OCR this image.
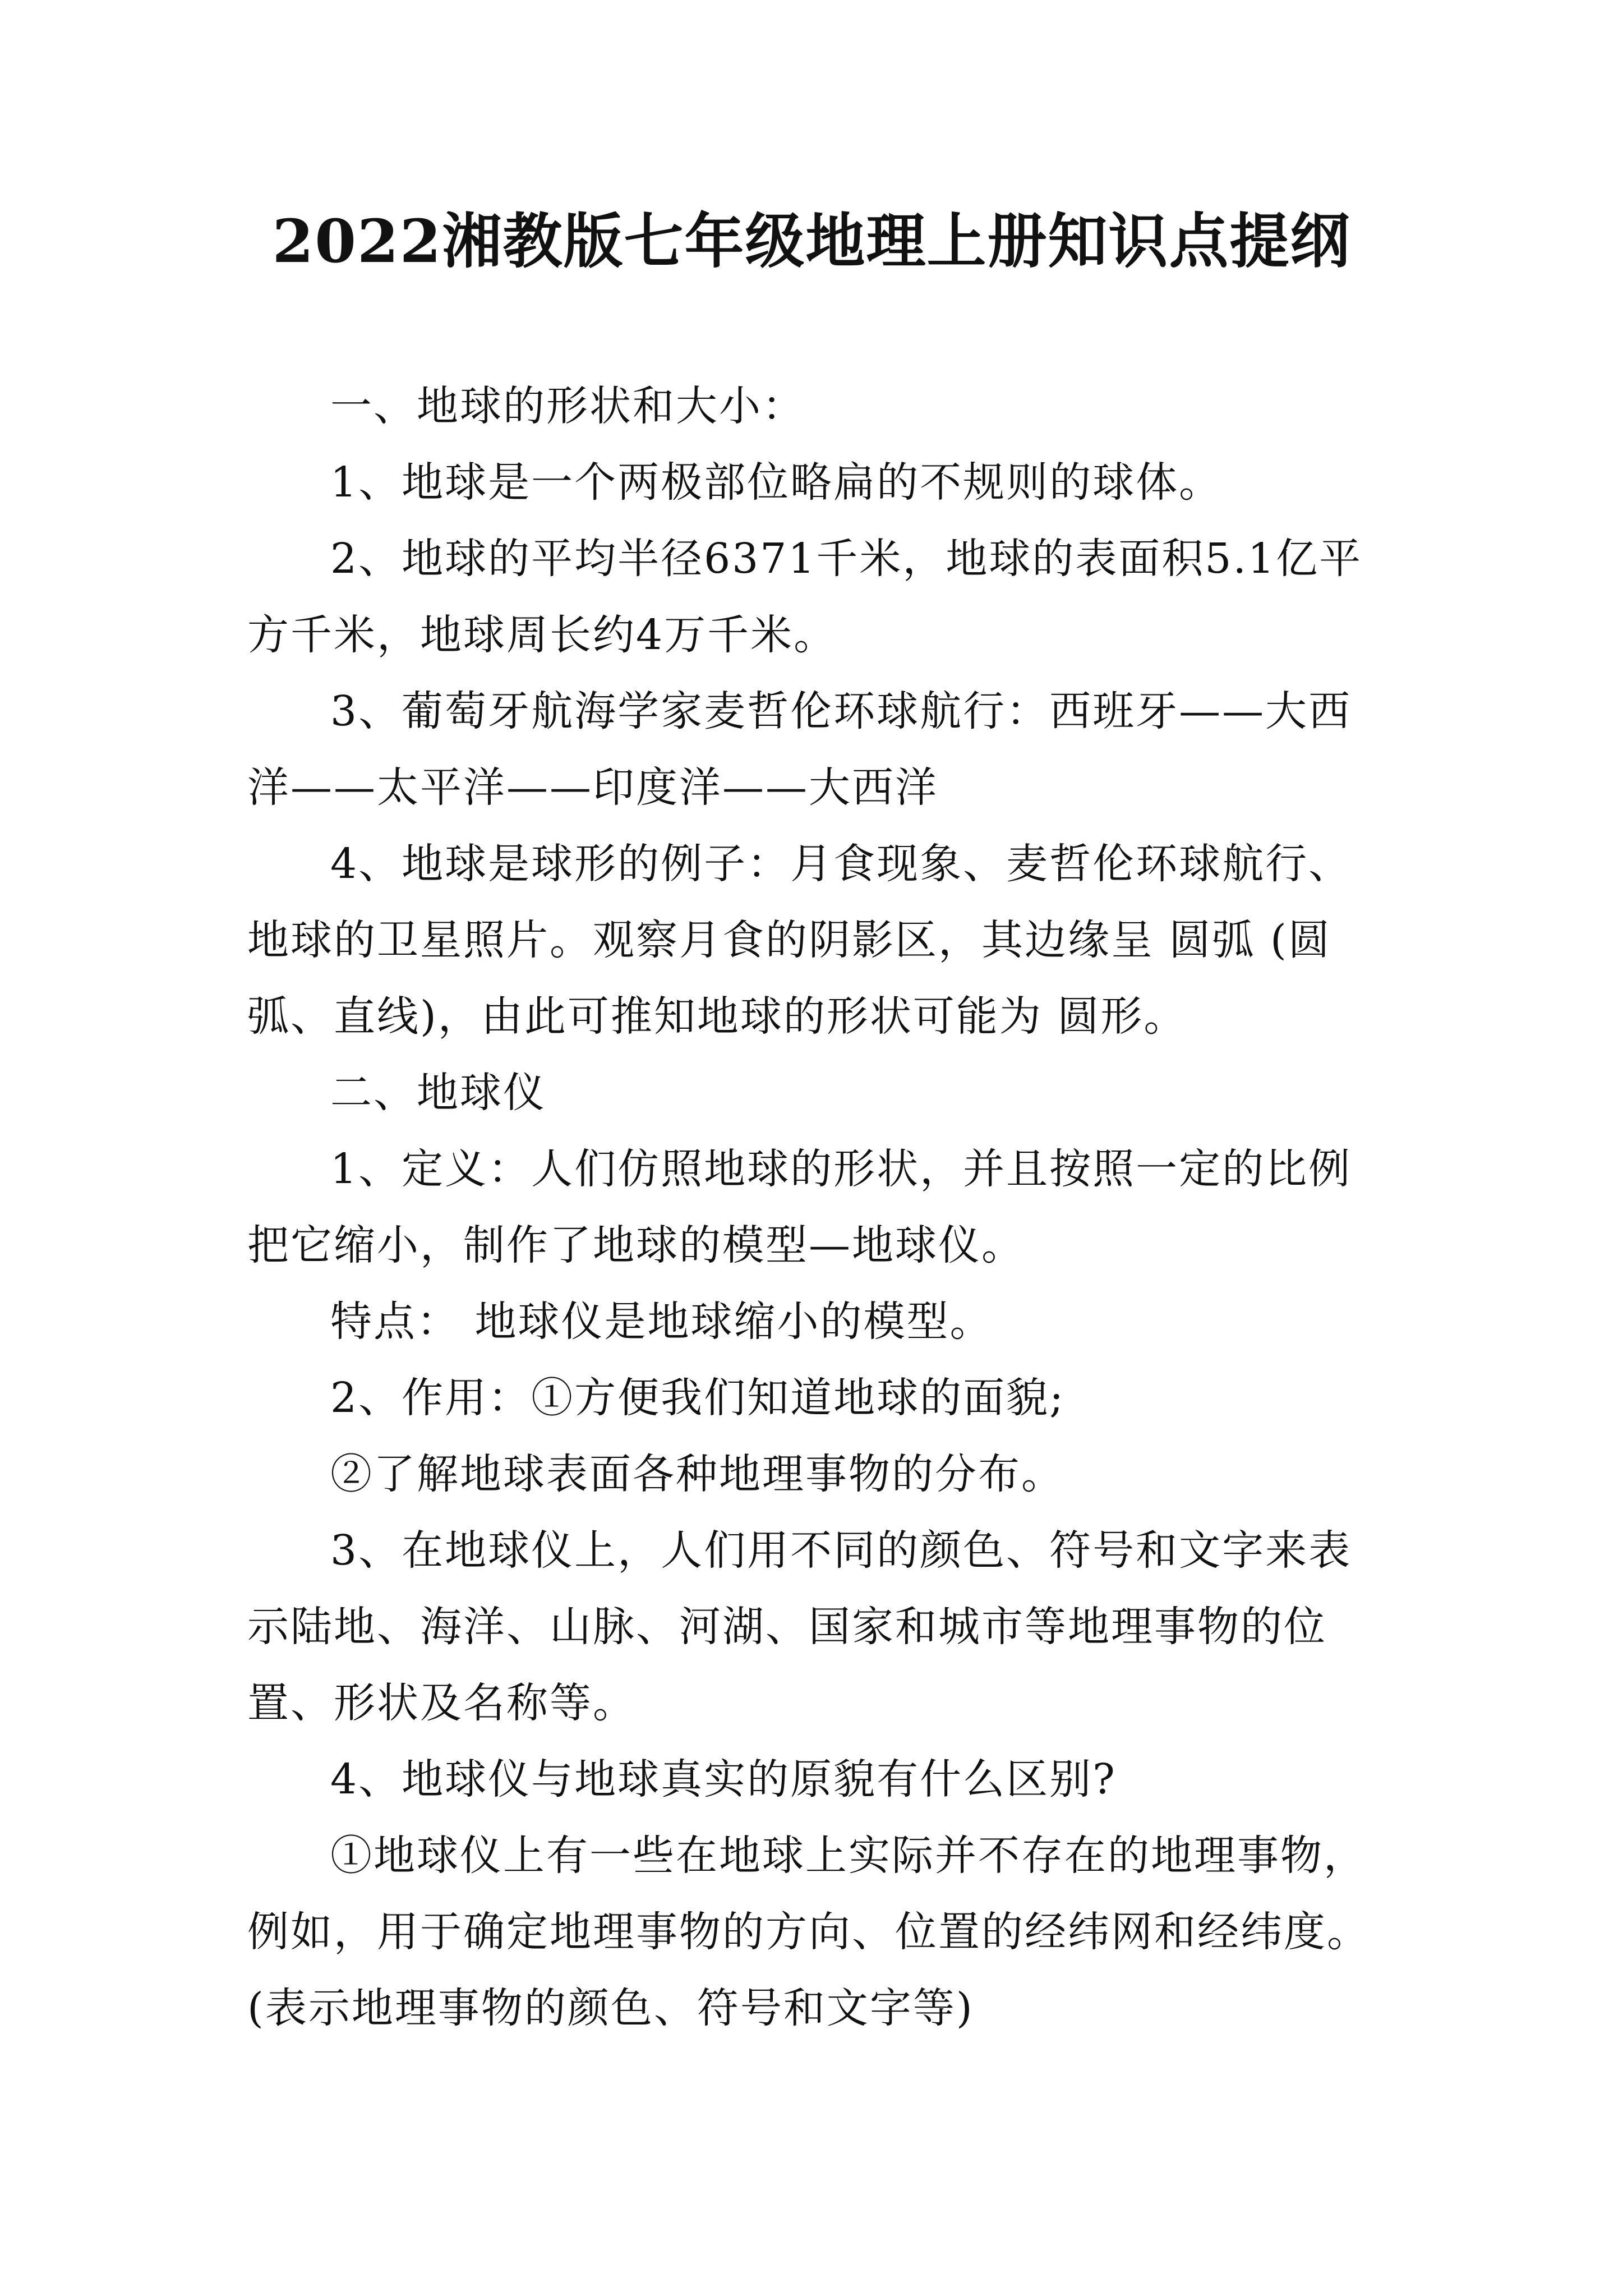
2022湘教版七年级地理上册知识点提纲

一、地球的形状和大小：

1、地球是一个两极部位略扁的不规则的球体。

2、地球的平均半径6371千米，地球的表面积5.1亿平方千米，地球周长约4万千米。

3、葡萄牙航海学家麦哲伦环球航行：西班牙——大西洋——太平洋——印度洋——大西洋

4、地球是球形的例子：月食现象、麦哲伦环球航行、地球的卫星照片。观察月食的阴影区，其边缘呈 圆弧 (圆弧、直线)，由此可推知地球的形状可能为 圆形。

二、地球仪

1、定义：人们仿照地球的形状，并且按照一定的比例把它缩小，制作了地球的模型—地球仪。

特点： 地球仪是地球缩小的模型。

2、作用：①方便我们知道地球的面貌;

②了解地球表面各种地理事物的分布。

3、在地球仪上，人们用不同的颜色、符号和文字来表示陆地、海洋、山脉、河湖、国家和城市等地理事物的位置、形状及名称等。

4、地球仪与地球真实的原貌有什么区别?

①地球仪上有一些在地球上实际并不存在的地理事物，例如，用于确定地理事物的方向、位置的经纬网和经纬度。(表示地理事物的颜色、符号和文字等)
